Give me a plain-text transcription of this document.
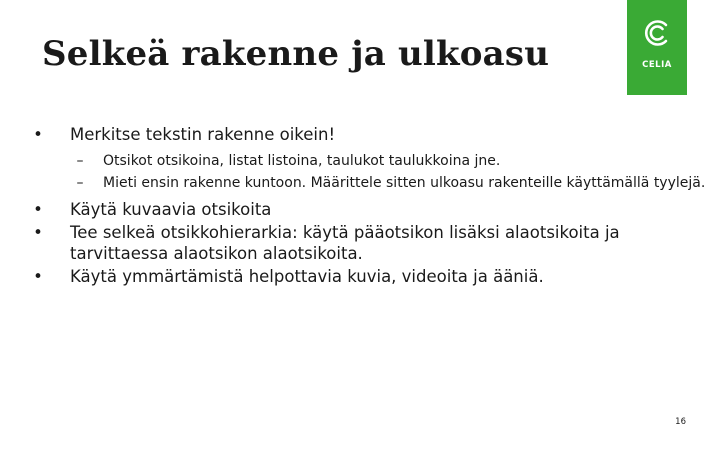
Selkeä rakenne ja ulkoasu	CELIA
•	Merkitse tekstin rakenne oikein!
–	Otsikot otsikoina, listat listoina, taulukot taulukkoina jne.
–	Mieti ensin rakenne kuntoon. Määrittele sitten ulkoasu rakenteille käyttämällä tyylejä.
•	Käytä kuvaavia otsikoita
•	Tee selkeä otsikkohierarkia: käytä pääotsikon lisäksi alaotsikoita ja tarvittaessa alaotsikon alaotsikoita.
•	Käytä ymmärtämistä helpottavia kuvia, videoita ja ääniä.
16
